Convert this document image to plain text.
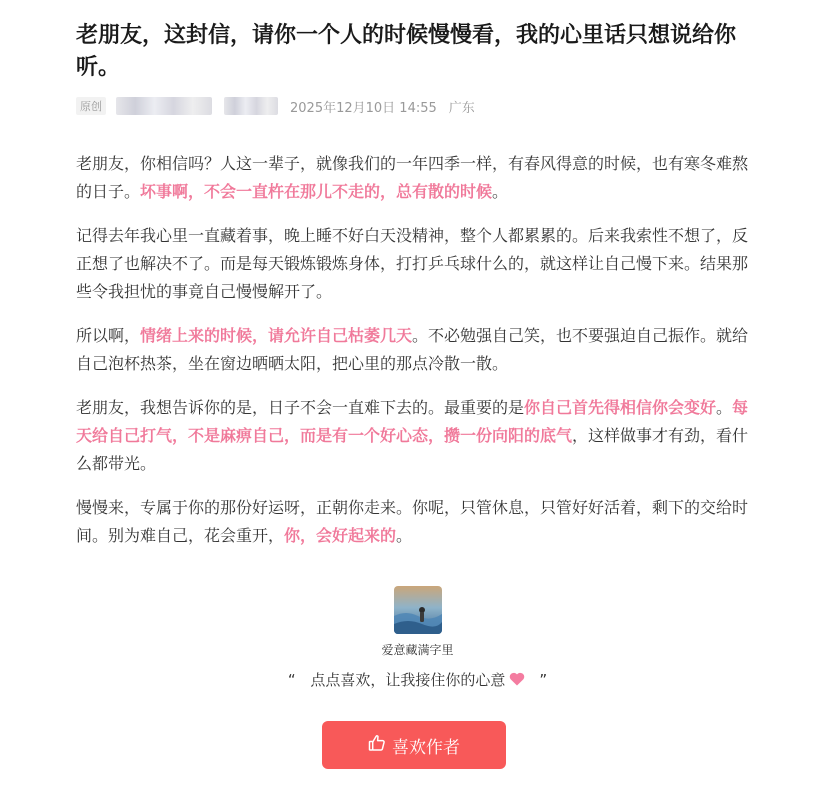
老朋友，这封信，请你一个人的时候慢慢看，我的心里话只想说给你听。
原创	2025年12月10日 14:55 广东

老朋友，你相信吗？人这一辈子，就像我们的一年四季一样，有春风得意的时候，也有寒冬难熬的日子。坏事啊，不会一直杵在那儿不走的，总有散的时候。

记得去年我心里一直藏着事，晚上睡不好白天没精神，整个人都累累的。后来我索性不想了，反正想了也解决不了。而是每天锻炼锻炼身体，打打乒乓球什么的，就这样让自己慢下来。结果那些令我担忧的事竟自己慢慢解开了。

所以啊，情绪上来的时候，请允许自己枯萎几天。不必勉强自己笑，也不要强迫自己振作。就给自己泡杯热茶，坐在窗边晒晒太阳，把心里的那点冷散一散。

老朋友，我想告诉你的是，日子不会一直难下去的。最重要的是你自己首先得相信你会变好。每天给自己打气，不是麻痹自己，而是有一个好心态，攒一份向阳的底气，这样做事才有劲，看什么都带光。

慢慢来，专属于你的那份好运呀，正朝你走来。你呢，只管休息，只管好好活着，剩下的交给时间。别为难自己，花会重开，你，会好起来的。

爱意藏满字里
“ 点点喜欢，让我接住你的心意 ”
喜欢作者
